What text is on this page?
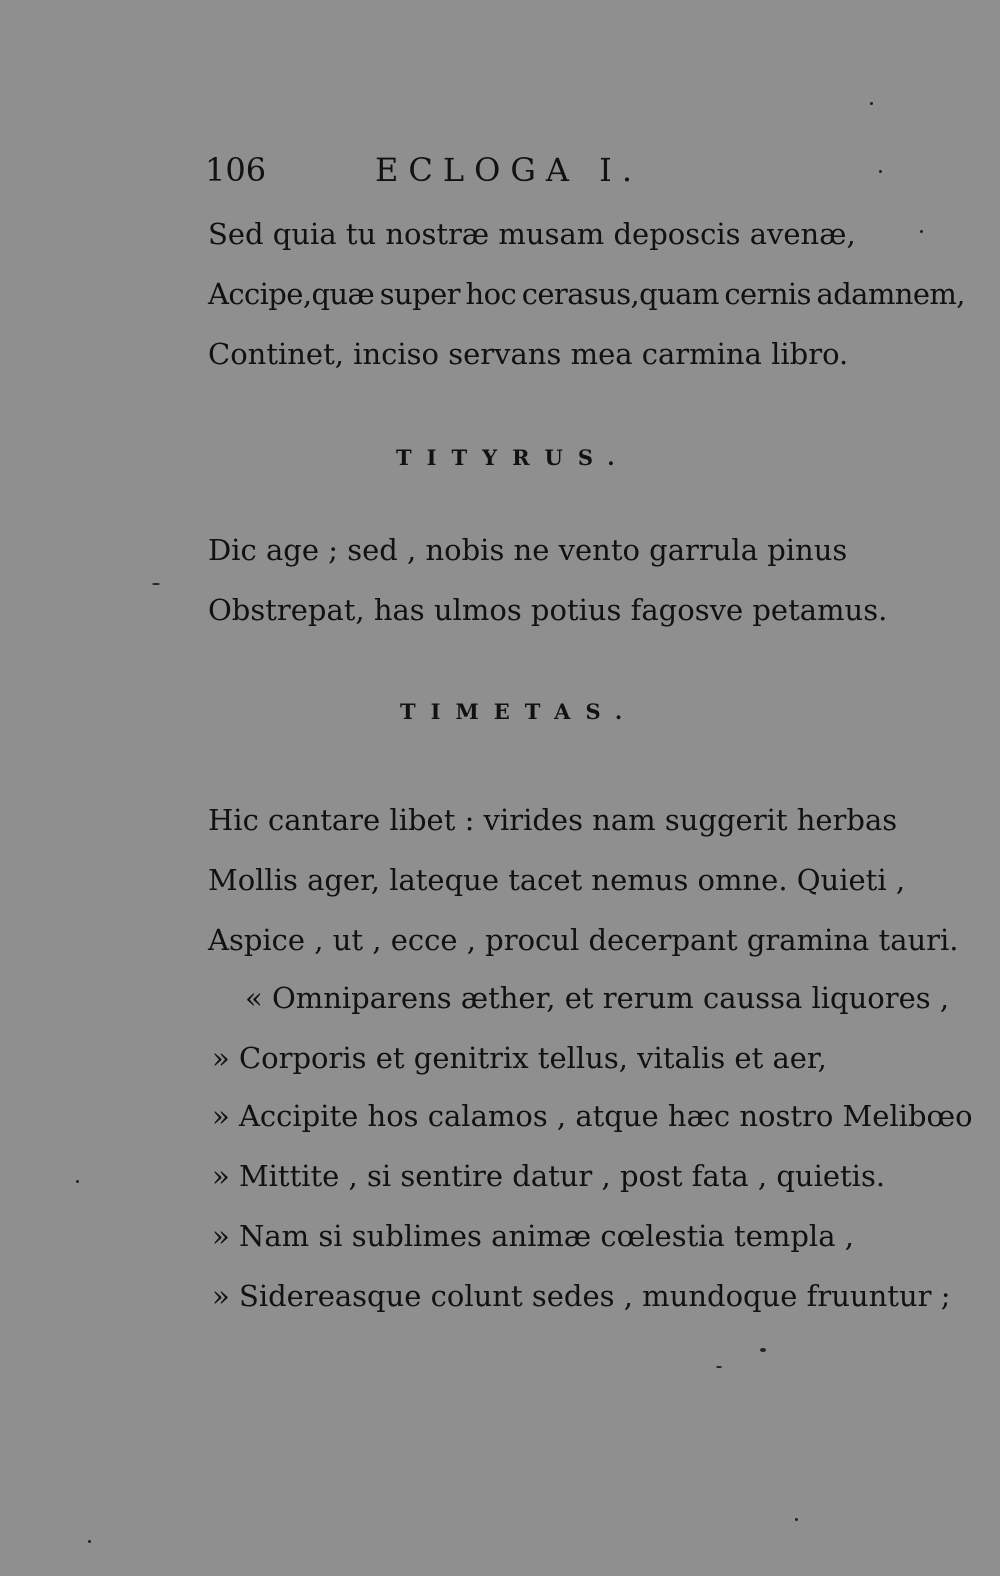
106	ECLOGA I.
Sed quia tu nostræ musam deposcis avenæ,
Accipe,quæ super hoc cerasus,quam cernis adamnem,
Continet, inciso servans mea carmina libro.
TITYRUS.
Dic age ; sed , nobis ne vento garrula pinus
Obstrepat, has ulmos potius fagosve petamus.
TIMETAS.
Hic cantare libet : virides nam suggerit herbas
Mollis ager, lateque tacet nemus omne. Quieti ,
Aspice , ut , ecce , procul decerpant gramina tauri.
« Omniparens æther, et rerum caussa liquores ,
» Corporis et genitrix tellus, vitalis et aer,
» Accipite hos calamos , atque hæc nostro Melibœo
» Mittite , si sentire datur , post fata , quietis.
» Nam si sublimes animæ cœlestia templa ,
» Sidereasque colunt sedes , mundoque fruuntur ;
